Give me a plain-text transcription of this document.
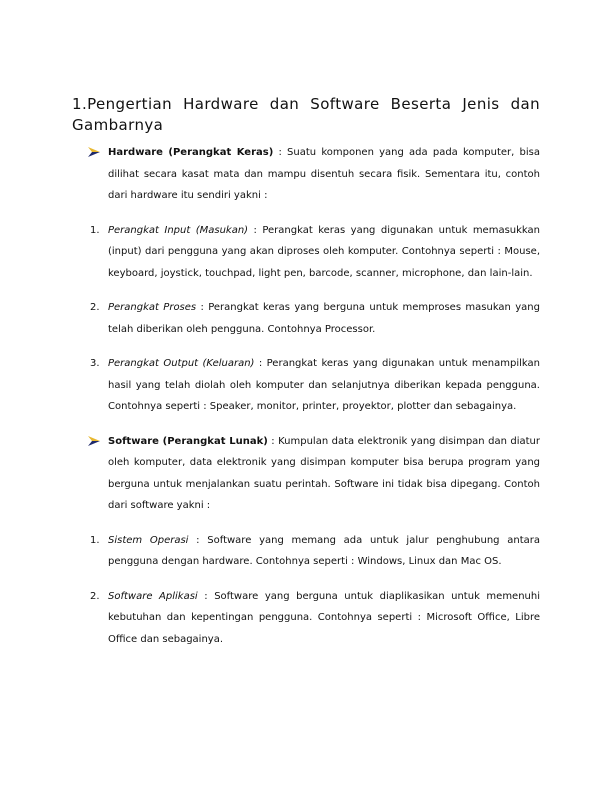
1.Pengertian Hardware dan Software Beserta Jenis dan Gambarnya

Hardware (Perangkat Keras) : Suatu komponen yang ada pada komputer, bisa dilihat secara kasat mata dan mampu disentuh secara fisik. Sementara itu, contoh dari hardware itu sendiri yakni :

1. Perangkat Input (Masukan) : Perangkat keras yang digunakan untuk memasukkan (input) dari pengguna yang akan diproses oleh komputer. Contohnya seperti : Mouse, keyboard, joystick, touchpad, light pen, barcode, scanner, microphone, dan lain-lain.

2. Perangkat Proses : Perangkat keras yang berguna untuk memproses masukan yang telah diberikan oleh pengguna. Contohnya Processor.

3. Perangkat Output (Keluaran) : Perangkat keras yang digunakan untuk menampilkan hasil yang telah diolah oleh komputer dan selanjutnya diberikan kepada pengguna. Contohnya seperti : Speaker, monitor, printer, proyektor, plotter dan sebagainya.

Software (Perangkat Lunak) : Kumpulan data elektronik yang disimpan dan diatur oleh komputer, data elektronik yang disimpan komputer bisa berupa program yang berguna untuk menjalankan suatu perintah. Software ini tidak bisa dipegang. Contoh dari software yakni :

1. Sistem Operasi : Software yang memang ada untuk jalur penghubung antara pengguna dengan hardware. Contohnya seperti : Windows, Linux dan Mac OS.

2. Software Aplikasi : Software yang berguna untuk diaplikasikan untuk memenuhi kebutuhan dan kepentingan pengguna. Contohnya seperti : Microsoft Office, Libre Office dan sebagainya.
